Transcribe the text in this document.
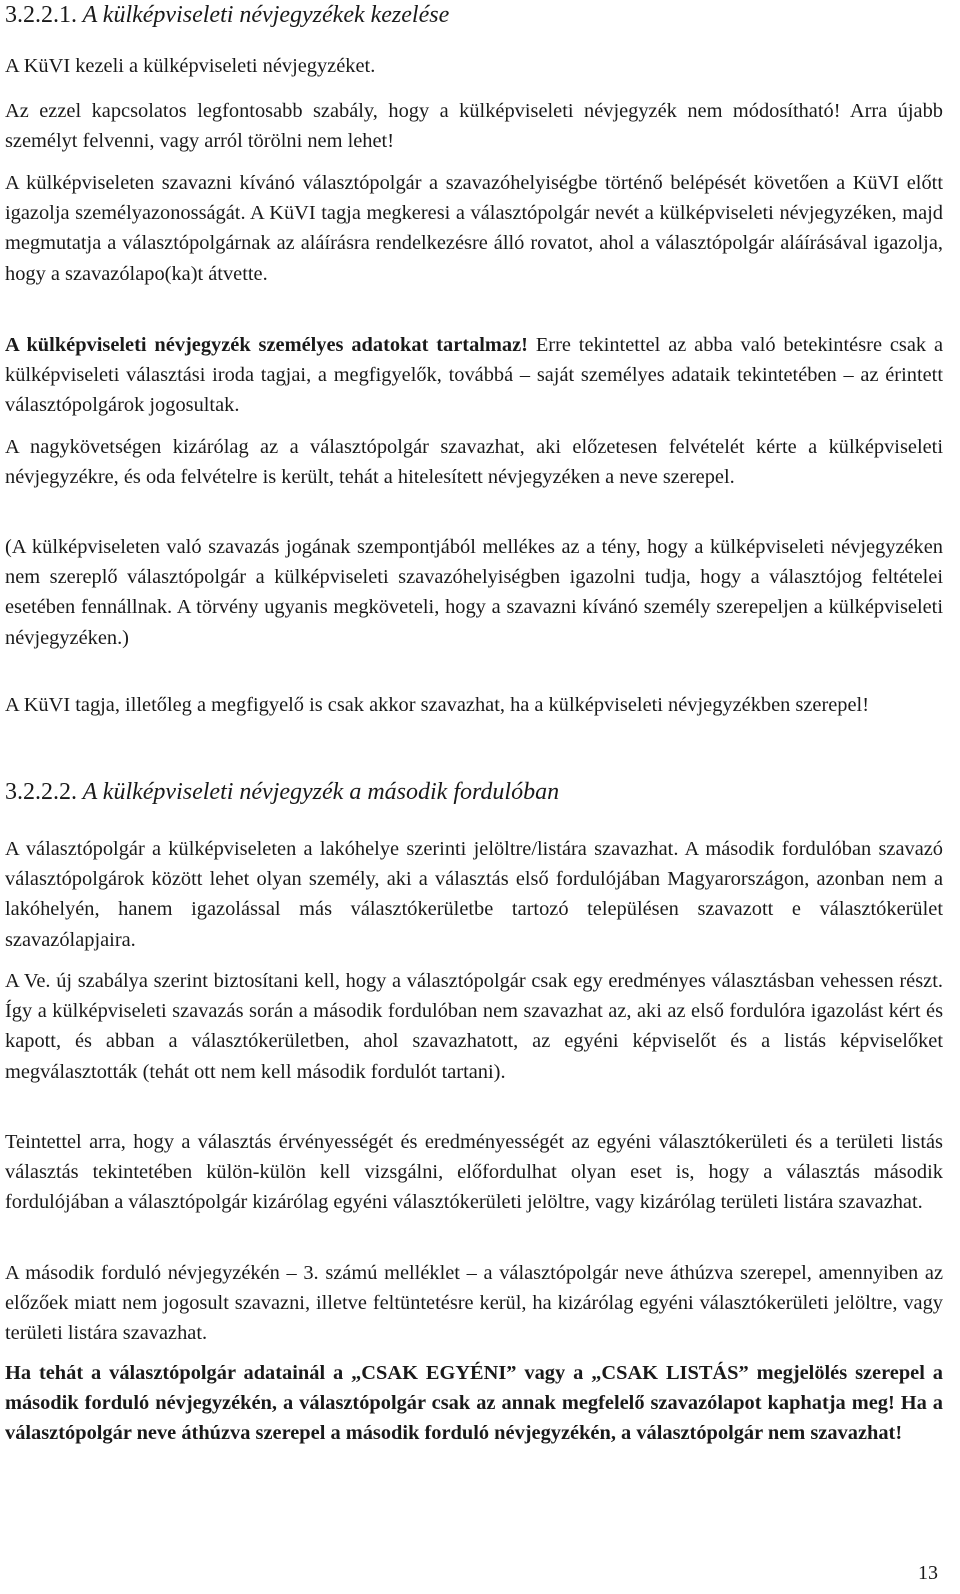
3.2.2.1. A külképviseleti névjegyzékek kezelése

A KüVI kezeli a külképviseleti névjegyzéket.

Az ezzel kapcsolatos legfontosabb szabály, hogy a külképviseleti névjegyzék nem módosítható! Arra újabb személyt felvenni, vagy arról törölni nem lehet!

A külképviseleten szavazni kívánó választópolgár a szavazóhelyiségbe történő belépését követően a KüVI előtt igazolja személyazonosságát. A KüVI tagja megkeresi a választópolgár nevét a külképviseleti névjegyzéken, majd megmutatja a választópolgárnak az aláírásra rendelkezésre álló rovatot, ahol a választópolgár aláírásával igazolja, hogy a szavazólapo(ka)t átvette.

A külképviseleti névjegyzék személyes adatokat tartalmaz! Erre tekintettel az abba való betekintésre csak a külképviseleti választási iroda tagjai, a megfigyelők, továbbá – saját személyes adataik tekintetében – az érintett választópolgárok jogosultak.

A nagykövetségen kizárólag az a választópolgár szavazhat, aki előzetesen felvételét kérte a külképviseleti névjegyzékre, és oda felvételre is került, tehát a hitelesített névjegyzéken a neve szerepel.

(A külképviseleten való szavazás jogának szempontjából mellékes az a tény, hogy a külképviseleti névjegyzéken nem szereplő választópolgár a külképviseleti szavazóhelyiségben igazolni tudja, hogy a választójog feltételei esetében fennállnak. A törvény ugyanis megköveteli, hogy a szavazni kívánó személy szerepeljen a külképviseleti névjegyzéken.)

A KüVI tagja, illetőleg a megfigyelő is csak akkor szavazhat, ha a külképviseleti névjegyzékben szerepel!

3.2.2.2. A külképviseleti névjegyzék a második fordulóban

A választópolgár a külképviseleten a lakóhelye szerinti jelöltre/listára szavazhat. A második fordulóban szavazó választópolgárok között lehet olyan személy, aki a választás első fordulójában Magyarországon, azonban nem a lakóhelyén, hanem igazolással más választókerületbe tartozó településen szavazott e választókerület szavazólapjaira.

A Ve. új szabálya szerint biztosítani kell, hogy a választópolgár csak egy eredményes választásban vehessen részt. Így a külképviseleti szavazás során a második fordulóban nem szavazhat az, aki az első fordulóra igazolást kért és kapott, és abban a választókerületben, ahol szavazhatott, az egyéni képviselőt és a listás képviselőket megválasztották (tehát ott nem kell második fordulót tartani).

Teintettel arra, hogy a választás érvényességét és eredményességét az egyéni választókerületi és a területi listás választás tekintetében külön-külön kell vizsgálni, előfordulhat olyan eset is, hogy a választás második fordulójában a választópolgár kizárólag egyéni választókerületi jelöltre, vagy kizárólag területi listára szavazhat.

A második forduló névjegyzékén – 3. számú melléklet – a választópolgár neve áthúzva szerepel, amennyiben az előzőek miatt nem jogosult szavazni, illetve feltüntetésre kerül, ha kizárólag egyéni választókerületi jelöltre, vagy területi listára szavazhat.

Ha tehát a választópolgár adatainál a „CSAK EGYÉNI” vagy a „CSAK LISTÁS” megjelölés szerepel a második forduló névjegyzékén, a választópolgár csak az annak megfelelő szavazólapot kaphatja meg! Ha a választópolgár neve áthúzva szerepel a második forduló névjegyzékén, a választópolgár nem szavazhat!

13
